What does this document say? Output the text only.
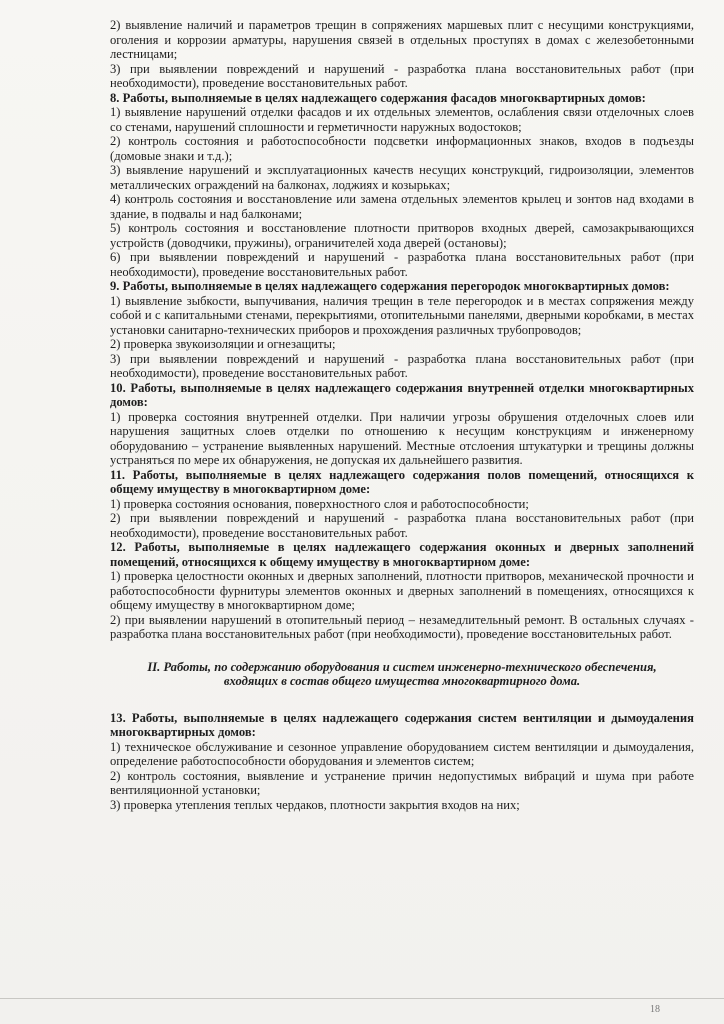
2) выявление наличий и параметров трещин в сопряжениях маршевых плит с несущими конструкциями, оголения и коррозии арматуры, нарушения связей в отдельных проступях в домах с железобетонными лестницами;

3) при выявлении повреждений и нарушений - разработка плана восстановительных работ (при необходимости), проведение восстановительных работ.

8. Работы, выполняемые в целях надлежащего содержания фасадов многоквартирных домов:

1) выявление нарушений отделки фасадов и их отдельных элементов, ослабления связи отделочных слоев со стенами, нарушений сплошности и герметичности наружных водостоков;

2) контроль состояния и работоспособности подсветки информационных знаков, входов в подъезды (домовые знаки и т.д.);

3) выявление нарушений и эксплуатационных качеств несущих конструкций, гидроизоляции, элементов металлических ограждений на балконах, лоджиях и козырьках;

4) контроль состояния и восстановление или замена отдельных элементов крылец и зонтов над входами в здание, в подвалы и над балконами;

5) контроль состояния и восстановление плотности притворов входных дверей, самозакрывающихся устройств (доводчики, пружины), ограничителей хода дверей (остановы);

6) при выявлении повреждений и нарушений - разработка плана восстановительных работ (при необходимости), проведение восстановительных работ.

9. Работы, выполняемые в целях надлежащего содержания перегородок многоквартирных домов:

1) выявление зыбкости, выпучивания, наличия трещин в теле перегородок и в местах сопряжения между собой и с капитальными стенами, перекрытиями, отопительными панелями, дверными коробками, в местах установки санитарно-технических приборов и прохождения различных трубопроводов;

2) проверка звукоизоляции и огнезащиты;

3) при выявлении повреждений и нарушений - разработка плана восстановительных работ (при необходимости), проведение восстановительных работ.

10. Работы, выполняемые в целях надлежащего содержания внутренней отделки многоквартирных домов:

1) проверка состояния внутренней отделки. При наличии угрозы обрушения отделочных слоев или нарушения защитных слоев отделки по отношению к несущим конструкциям и инженерному оборудованию – устранение выявленных нарушений. Местные отслоения штукатурки и трещины должны устраняться по мере их обнаружения, не допуская их дальнейшего развития.

11. Работы, выполняемые в целях надлежащего содержания полов помещений, относящихся к общему имуществу в многоквартирном доме:

1) проверка состояния основания, поверхностного слоя и работоспособности;

2) при выявлении повреждений и нарушений - разработка плана восстановительных работ (при необходимости), проведение восстановительных работ.

12. Работы, выполняемые в целях надлежащего содержания оконных и дверных заполнений помещений, относящихся к общему имуществу в многоквартирном доме:

1) проверка целостности оконных и дверных заполнений, плотности притворов, механической прочности и работоспособности фурнитуры элементов оконных и дверных заполнений в помещениях, относящихся к общему имуществу в многоквартирном доме;

2) при выявлении нарушений в отопительный период – незамедлительный ремонт. В остальных случаях - разработка плана восстановительных работ (при необходимости), проведение восстановительных работ.

II. Работы, по содержанию оборудования и систем инженерно-технического обеспечения, входящих в состав общего имущества многоквартирного дома.
13. Работы, выполняемые в целях надлежащего содержания систем вентиляции и дымоудаления многоквартирных домов:

1) техническое обслуживание и сезонное управление оборудованием систем вентиляции и дымоудаления, определение работоспособности оборудования и элементов систем;

2) контроль состояния, выявление и устранение причин недопустимых вибраций и шума при работе вентиляционной установки;

3) проверка утепления теплых чердаков, плотности закрытия входов на них;

18
